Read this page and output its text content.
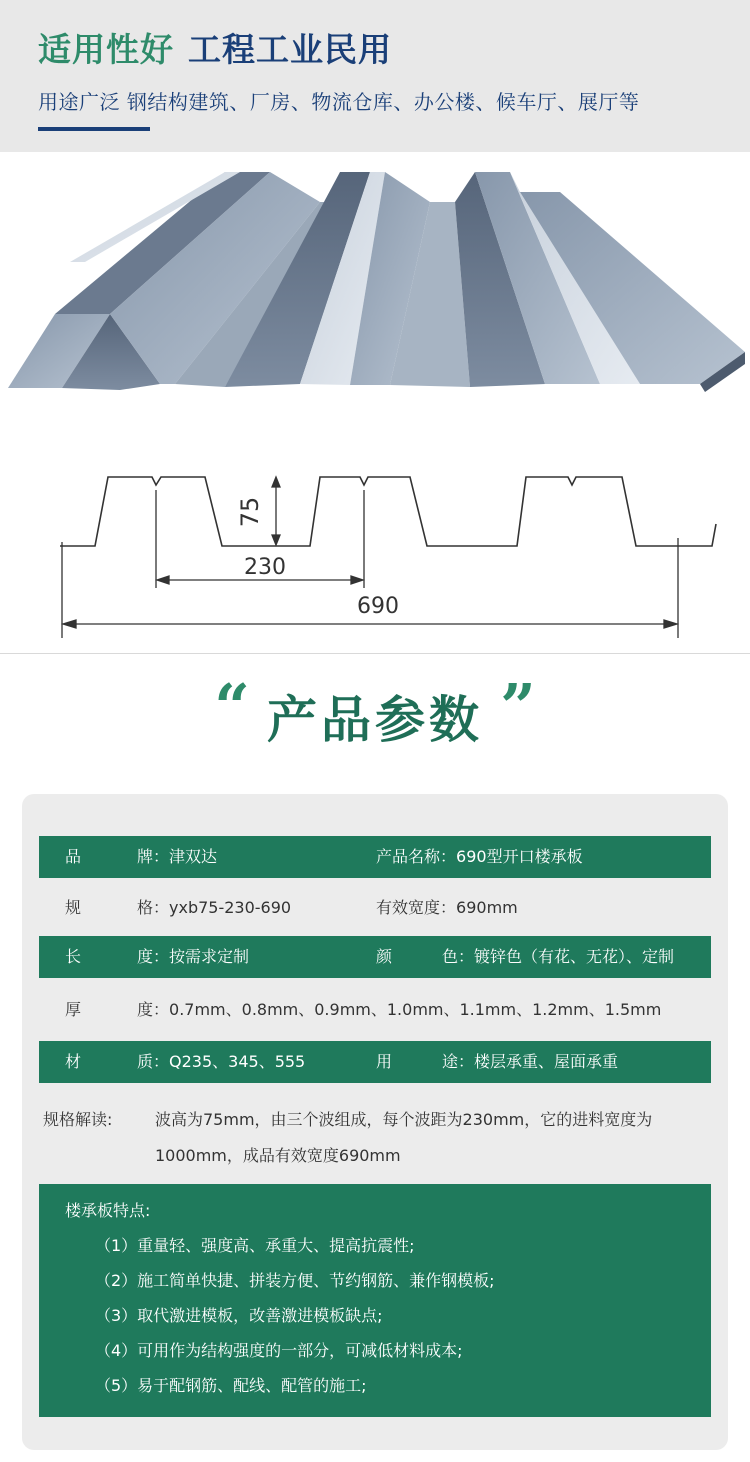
适用性好 工程工业民用
用途广泛 钢结构建筑、厂房、物流仓库、办公楼、候车厅、展厅等
75
230
690
“ 产品参数 ”
品牌：津双达	产品名称：690型开口楼承板
规格：yxb75-230-690	有效宽度：690mm
长度：按需求定制	颜色：镀锌色（有花、无花）、定制
厚度：0.7mm、0.8mm、0.9mm、1.0mm、1.1mm、1.2mm、1.5mm
材质：Q235、345、555	用途：楼层承重、屋面承重
规格解读:	波高为75mm，由三个波组成，每个波距为230mm，它的进料宽度为1000mm，成品有效宽度690mm
楼承板特点:
（1）重量轻、强度高、承重大、提高抗震性;
（2）施工简单快捷、拼装方便、节约钢筋、兼作钢模板;
（3）取代激进模板，改善激进模板缺点;
（4）可用作为结构强度的一部分，可减低材料成本;
（5）易于配钢筋、配线、配管的施工;
